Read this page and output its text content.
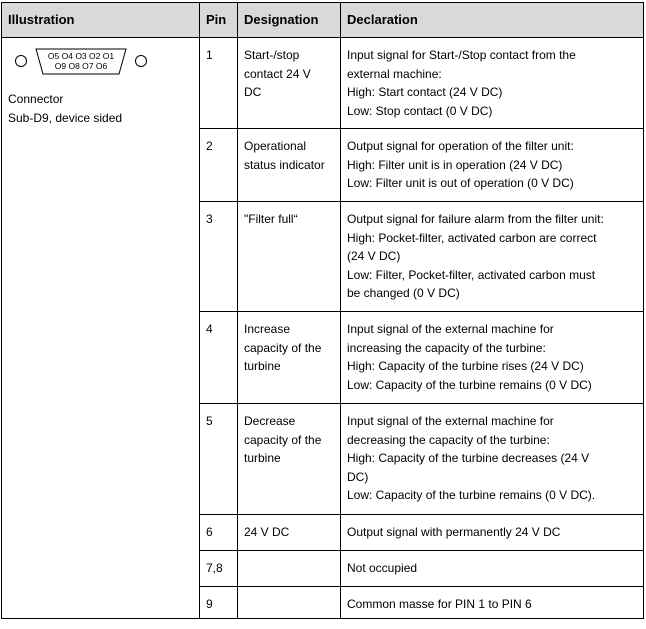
Illustration	Pin	Designation	Declaration

O5 O4 O3 O2 O1
O9 O8 O7 O6
Connector
Sub-D9, device sided	1	Start-/stop
contact 24 V
DC	Input signal for Start-/Stop contact from the
external machine:
High: Start contact (24 V DC)
Low: Stop contact (0 V DC)

	2	Operational
status indicator	Output signal for operation of the filter unit:
High: Filter unit is in operation (24 V DC)
Low: Filter unit is out of operation (0 V DC)

	3	"Filter full“	Output signal for failure alarm from the filter unit:
High: Pocket-filter, activated carbon are correct
(24 V DC)
Low: Filter, Pocket-filter, activated carbon must
be changed (0 V DC)

	4	Increase
capacity of the
turbine	Input signal of the external machine for
increasing the capacity of the turbine:
High: Capacity of the turbine rises (24 V DC)
Low: Capacity of the turbine remains (0 V DC)

	5	Decrease
capacity of the
turbine	Input signal of the external machine for
decreasing the capacity of the turbine:
High: Capacity of the turbine decreases (24 V
DC)
Low: Capacity of the turbine remains (0 V DC).

	6	24 V DC	Output signal with permanently 24 V DC

	7,8		Not occupied

	9		Common masse for PIN 1 to PIN 6
